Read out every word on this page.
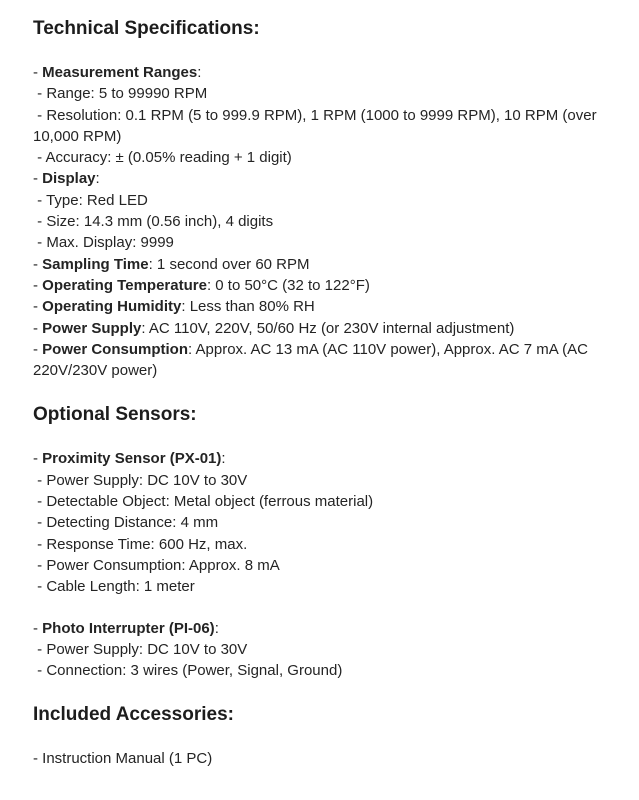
Technical Specifications:

- Measurement Ranges:
- Range: 5 to 99990 RPM
- Resolution: 0.1 RPM (5 to 999.9 RPM), 1 RPM (1000 to 9999 RPM), 10 RPM (over
10,000 RPM)
- Accuracy: ± (0.05% reading + 1 digit)
- Display:
- Type: Red LED
- Size: 14.3 mm (0.56 inch), 4 digits
- Max. Display: 9999
- Sampling Time: 1 second over 60 RPM
- Operating Temperature: 0 to 50°C (32 to 122°F)
- Operating Humidity: Less than 80% RH
- Power Supply: AC 110V, 220V, 50/60 Hz (or 230V internal adjustment)
- Power Consumption: Approx. AC 13 mA (AC 110V power), Approx. AC 7 mA (AC
220V/230V power)

Optional Sensors:

- Proximity Sensor (PX-01):
- Power Supply: DC 10V to 30V
- Detectable Object: Metal object (ferrous material)
- Detecting Distance: 4 mm
- Response Time: 600 Hz, max.
- Power Consumption: Approx. 8 mA
- Cable Length: 1 meter

- Photo Interrupter (PI-06):
- Power Supply: DC 10V to 30V
- Connection: 3 wires (Power, Signal, Ground)

Included Accessories:

- Instruction Manual (1 PC)
